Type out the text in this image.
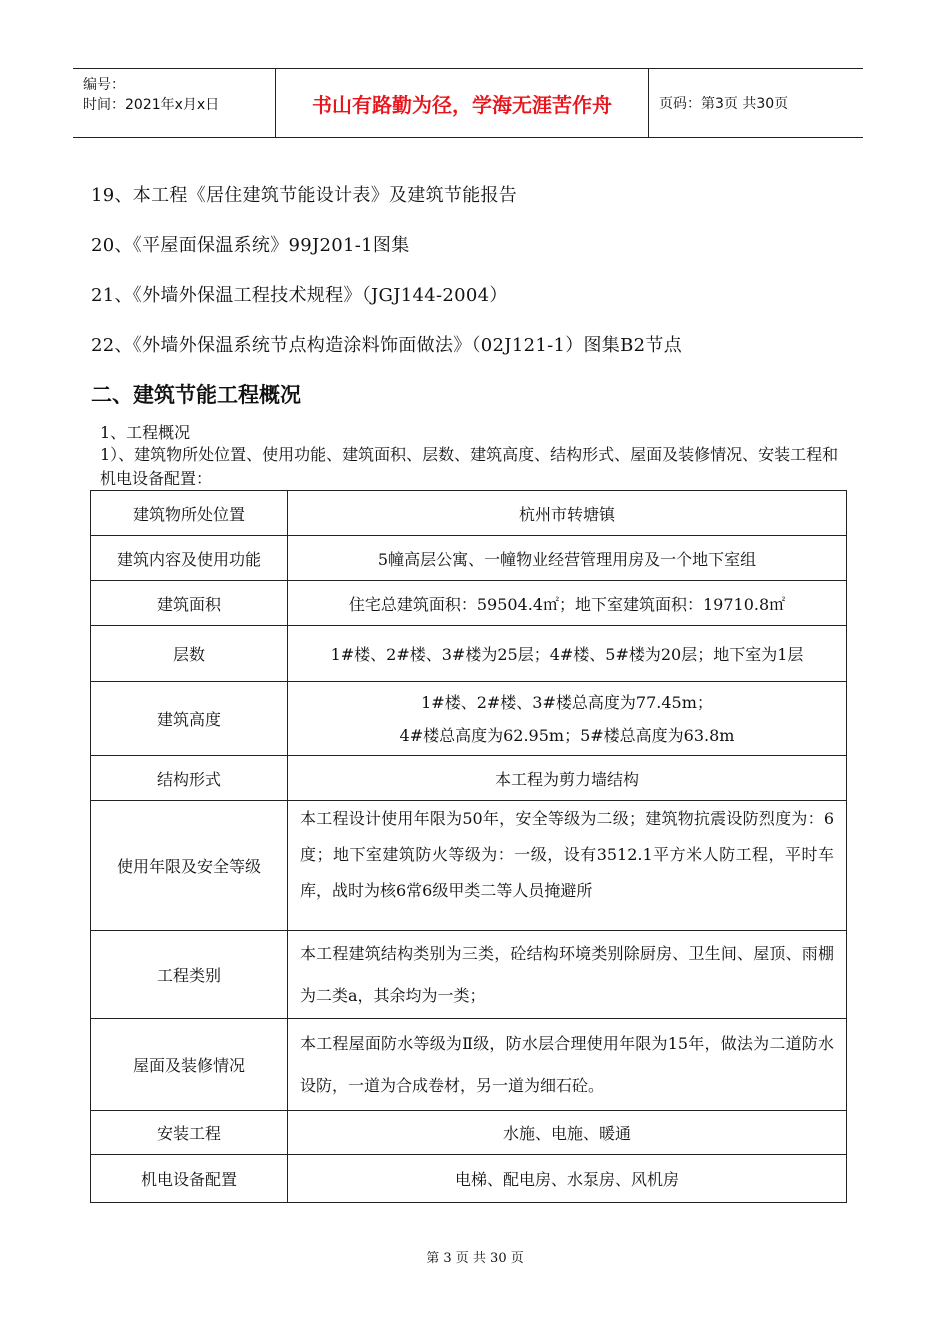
编号：
时间：2021年x月x日	书山有路勤为径，学海无涯苦作舟	页码：第3页 共30页
19、本工程《居住建筑节能设计表》及建筑节能报告
20、《平屋面保温系统》99J201-1图集
21、《外墙外保温工程技术规程》（JGJ144-2004）
22、《外墙外保温系统节点构造涂料饰面做法》（02J121-1）图集B2节点
二、建筑节能工程概况
1、工程概况
1）、建筑物所处位置、使用功能、建筑面积、层数、建筑高度、结构形式、屋面及装修情况、安装工程和机电设备配置：
建筑物所处位置	杭州市转塘镇
建筑内容及使用功能	5幢高层公寓、一幢物业经营管理用房及一个地下室组
建筑面积	住宅总建筑面积：59504.4㎡；地下室建筑面积：19710.8㎡
层数	1#楼、2#楼、3#楼为25层；4#楼、5#楼为20层；地下室为1层
建筑高度	1#楼、2#楼、3#楼总高度为77.45m；
4#楼总高度为62.95m；5#楼总高度为63.8m

结构形式	本工程为剪力墙结构
使用年限及安全等级	本工程设计使用年限为50年，安全等级为二级；建筑物抗震设防烈度为：6度；地下室建筑防火等级为：一级，设有3512.1平方米人防工程，平时车库，战时为核6常6级甲类二等人员掩避所

工程类别	本工程建筑结构类别为三类，砼结构环境类别除厨房、卫生间、屋顶、雨棚为二类a，其余均为一类；

屋面及装修情况	本工程屋面防水等级为Ⅱ级，防水层合理使用年限为15年，做法为二道防水设防，一道为合成卷材，另一道为细石砼。

安装工程	水施、电施、暖通
机电设备配置	电梯、配电房、水泵房、风机房
第 3 页 共 30 页
